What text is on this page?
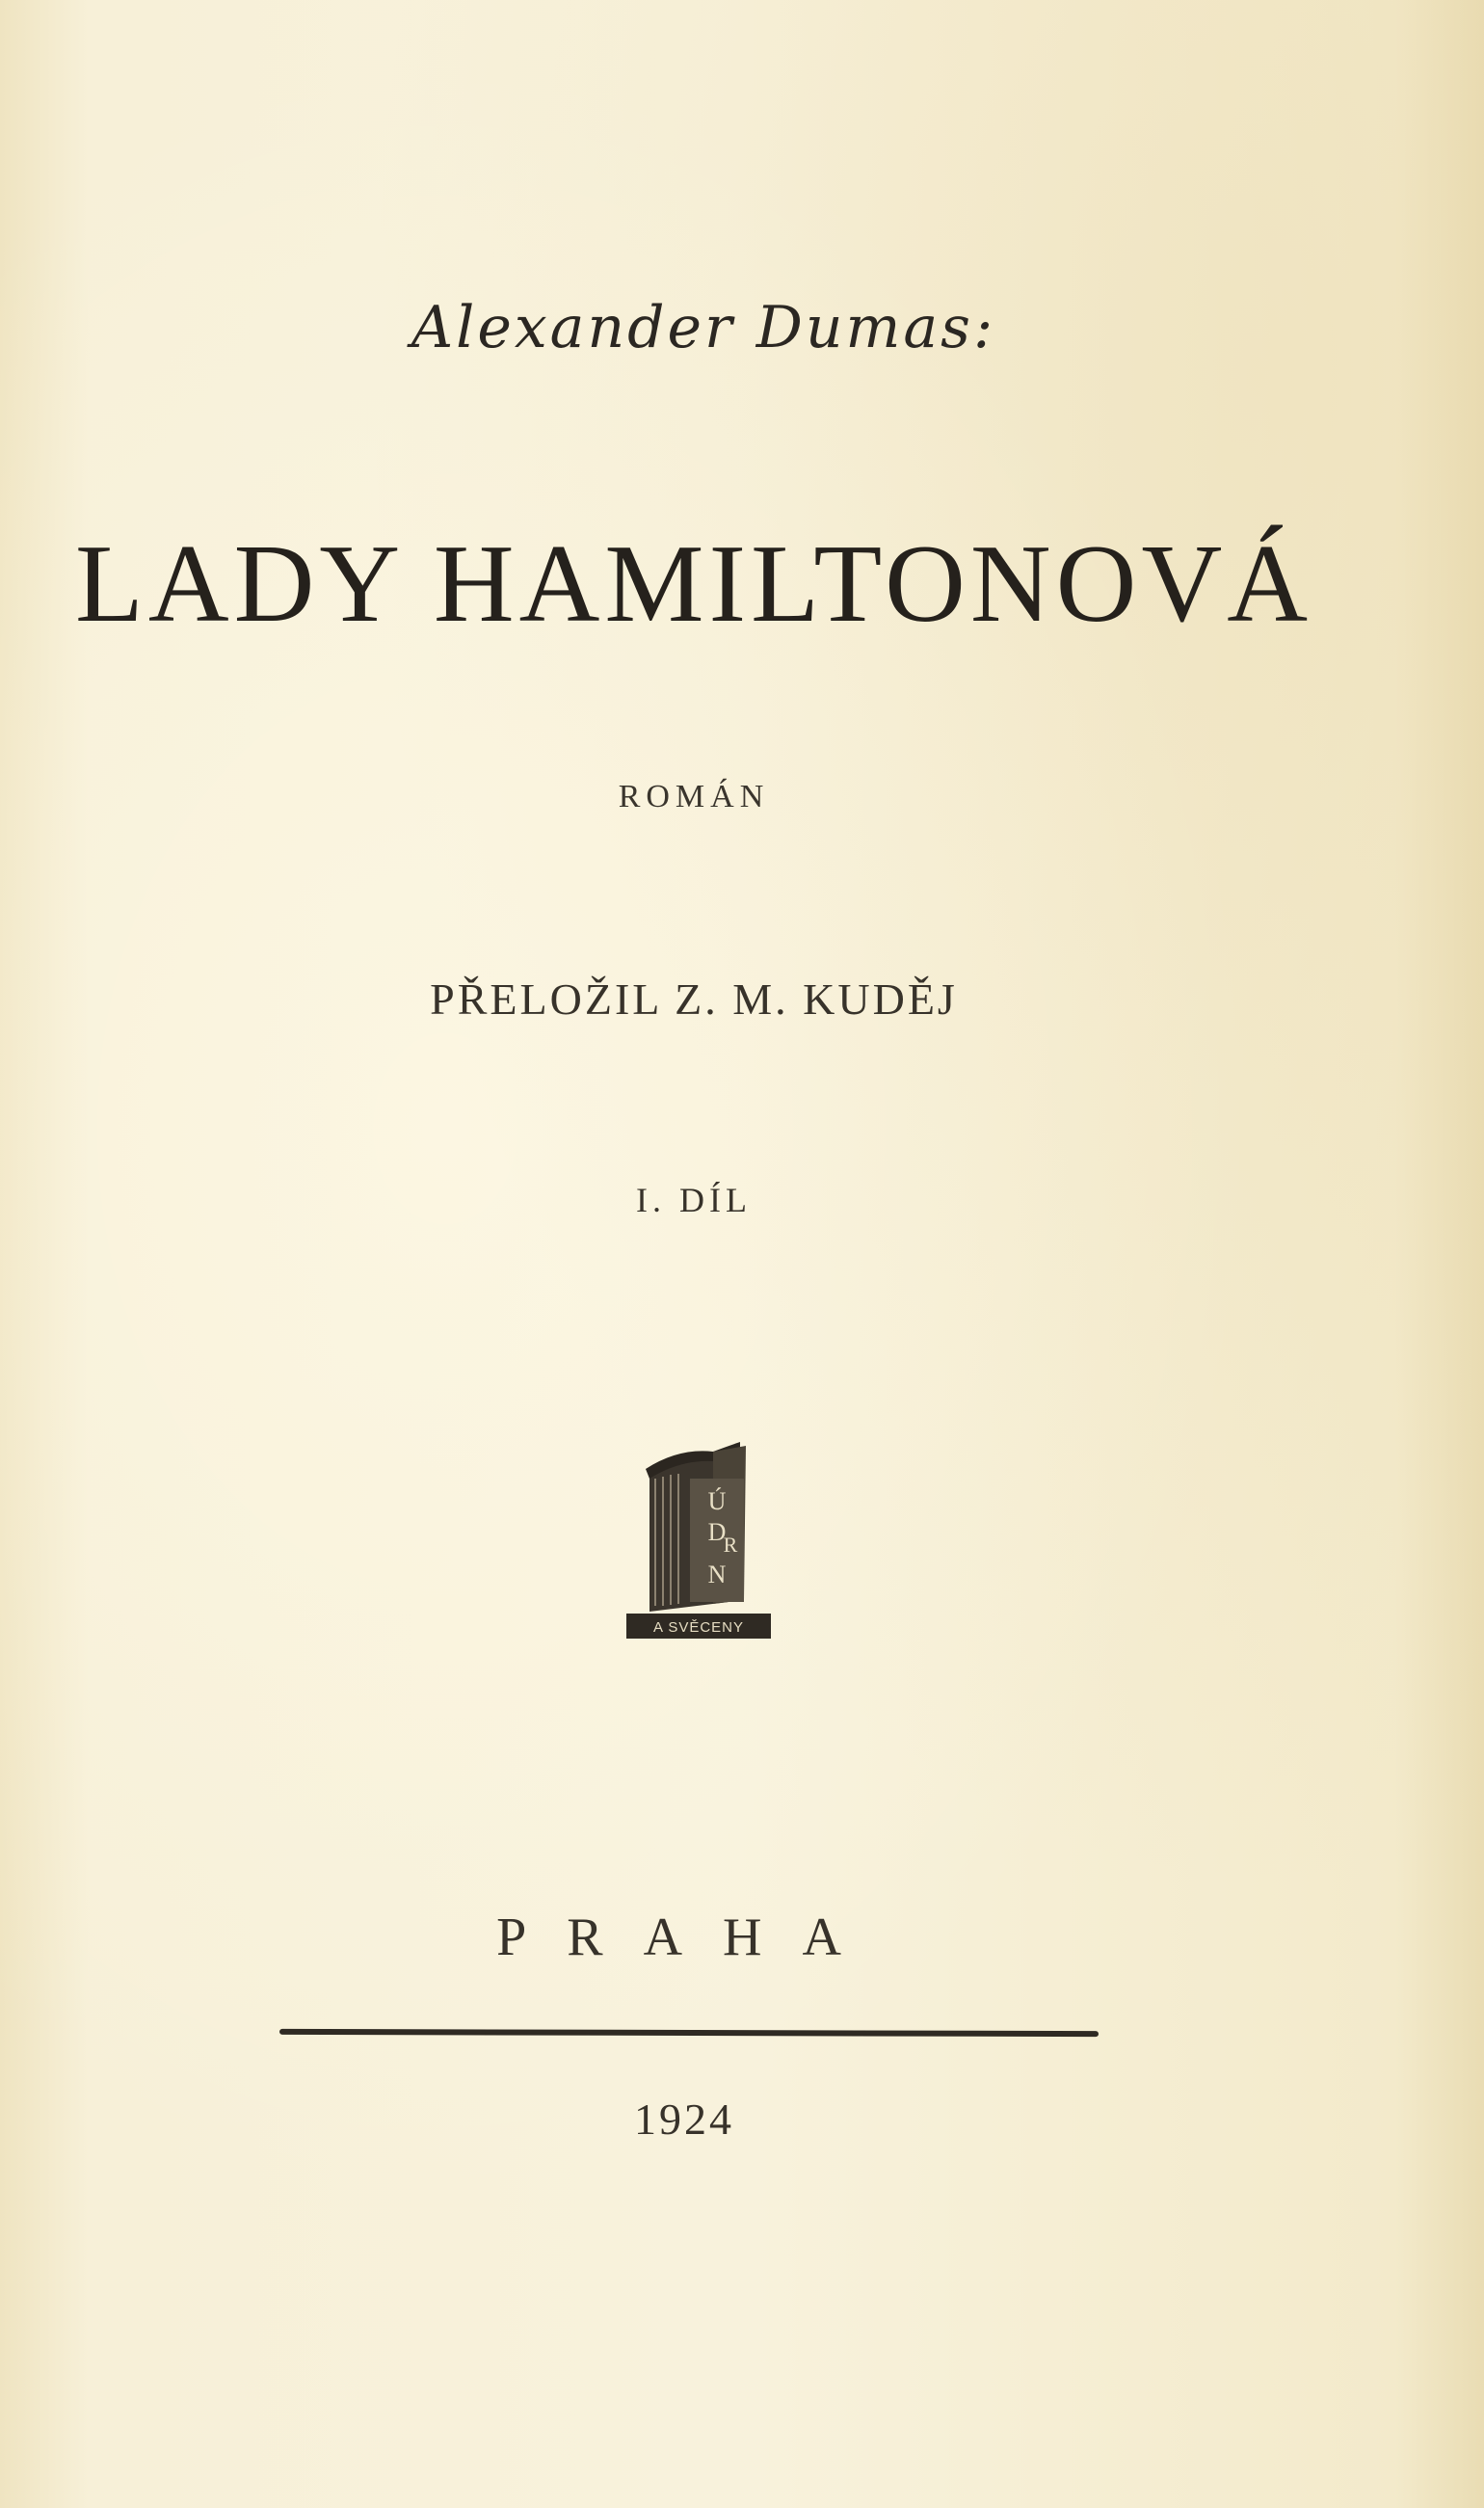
Alexander Dumas:
LADY HAMILTONOVÁ
ROMÁN
PŘELOŽIL Z. M. KUDĚJ
I. DÍL
Ú
D
R
N
A SVĚCENY
PRAHA
1924
